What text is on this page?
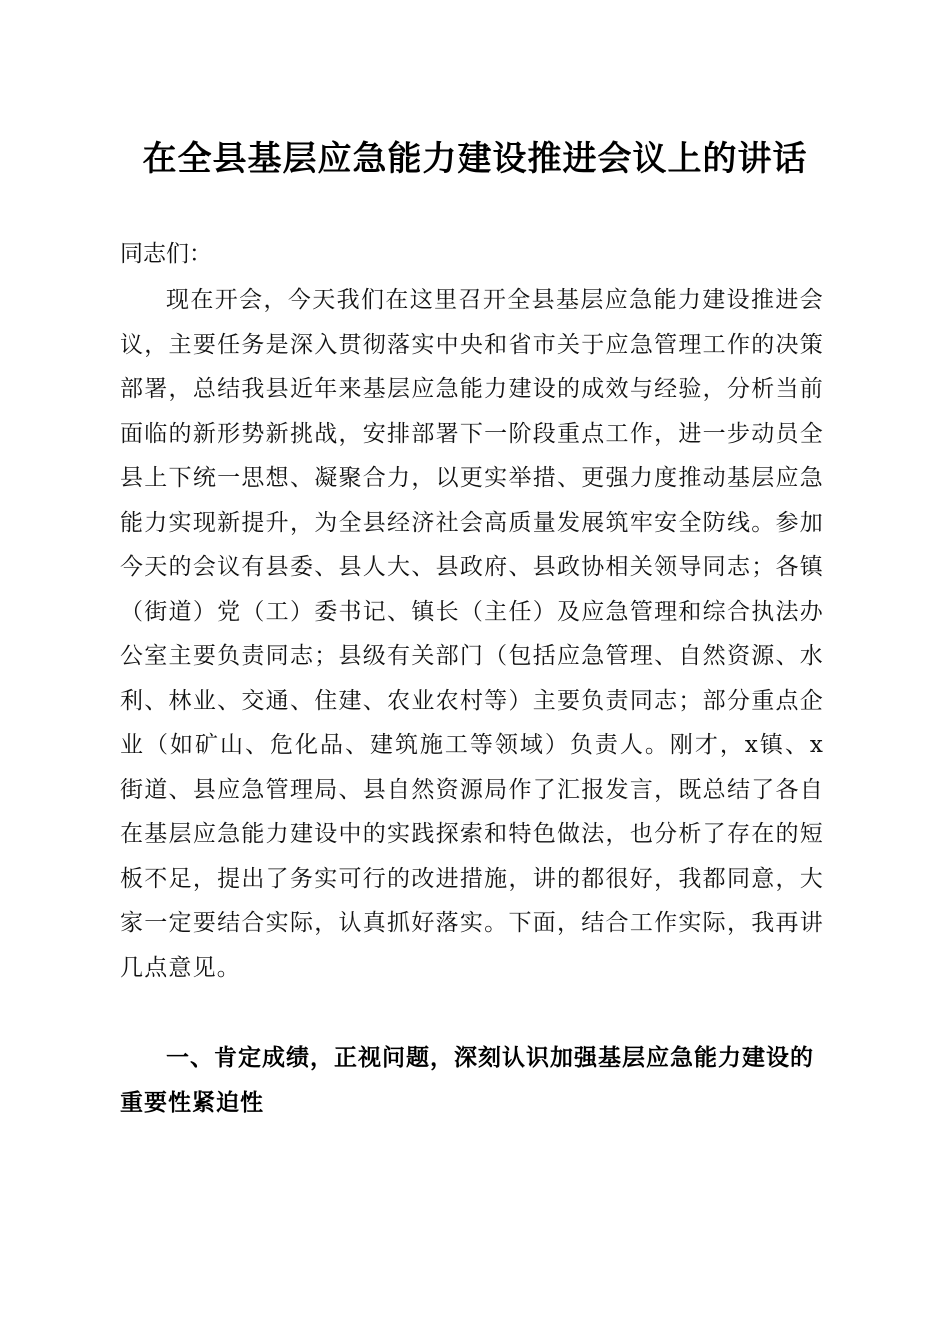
在全县基层应急能力建设推进会议上的讲话

同志们：

现在开会，今天我们在这里召开全县基层应急能力建设推进会议，主要任务是深入贯彻落实中央和省市关于应急管理工作的决策部署，总结我县近年来基层应急能力建设的成效与经验，分析当前面临的新形势新挑战，安排部署下一阶段重点工作，进一步动员全县上下统一思想、凝聚合力，以更实举措、更强力度推动基层应急能力实现新提升，为全县经济社会高质量发展筑牢安全防线。参加今天的会议有县委、县人大、县政府、县政协相关领导同志；各镇（街道）党（工）委书记、镇长（主任）及应急管理和综合执法办公室主要负责同志；县级有关部门（包括应急管理、自然资源、水利、林业、交通、住建、农业农村等）主要负责同志；部分重点企业（如矿山、危化品、建筑施工等领域）负责人。刚才，x镇、x街道、县应急管理局、县自然资源局作了汇报发言，既总结了各自在基层应急能力建设中的实践探索和特色做法，也分析了存在的短板不足，提出了务实可行的改进措施，讲的都很好，我都同意，大家一定要结合实际，认真抓好落实。下面，结合工作实际，我再讲几点意见。

一、肯定成绩，正视问题，深刻认识加强基层应急能力建设的重要性紧迫性
